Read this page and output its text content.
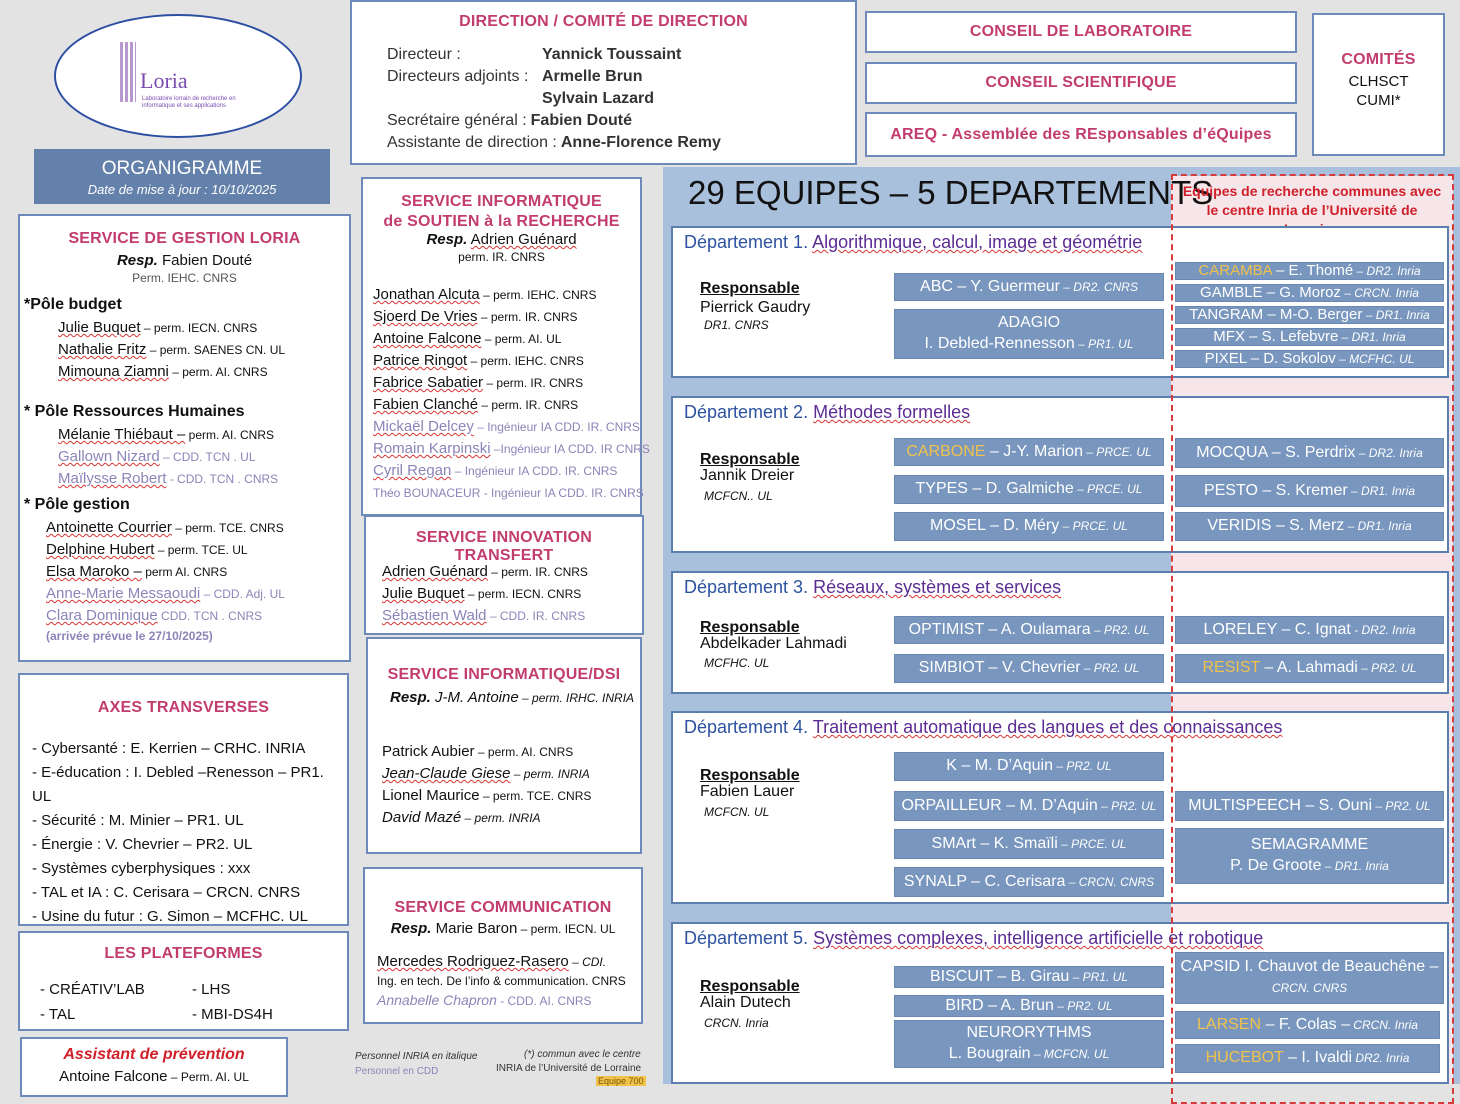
Loria
Laboratoire lorrain de recherche en informatique et ses applications
ORGANIGRAMME
Date de mise à jour : 10/10/2025
DIRECTION / COMITÉ DE DIRECTION
Directeur :	Yannick Toussaint
Directeurs adjoints : Armelle Brun
Sylvain Lazard
Secrétaire général : Fabien Douté
Assistante de direction : Anne-Florence Remy
CONSEIL DE LABORATOIRE
CONSEIL SCIENTIFIQUE
AREQ - Assemblée des REsponsables d’éQuipes
COMITÉS
CLHSCT
CUMI*
SERVICE DE GESTION LORIA
Resp. Fabien Douté
Perm. IEHC. CNRS
*Pôle budget
Julie Buquet – perm. IECN. CNRS
Nathalie Fritz – perm. SAENES CN. UL
Mimouna Ziamni – perm. AI. CNRS
* Pôle Ressources Humaines
Mélanie Thiébaut – perm. AI. CNRS
Gallown Nizard – CDD. TCN . UL
Maïlysse Robert - CDD. TCN . CNRS
* Pôle gestion
Antoinette Courrier – perm. TCE. CNRS
Delphine Hubert – perm. TCE. UL
Elsa Maroko – perm AI. CNRS
Anne-Marie Messaoudi – CDD. Adj. UL
Clara Dominique CDD. TCN . CNRS
(arrivée prévue le 27/10/2025)
AXES TRANSVERSES
- Cybersanté : E. Kerrien – CRHC. INRIA
- E-éducation : I. Debled –Renesson – PR1. UL
- Sécurité : M. Minier – PR1. UL
- Énergie : V. Chevrier – PR2. UL
- Systèmes cyberphysiques : xxx
- TAL et IA : C. Cerisara – CRCN. CNRS
- Usine du futur : G. Simon – MCFHC. UL
LES PLATEFORMES
- CRÉATIV’LAB	- LHS
- TAL	- MBI-DS4H
Assistant de prévention
Antoine Falcone – Perm. AI. UL
SERVICE INFORMATIQUE
de SOUTIEN à la RECHERCHE
Resp. Adrien Guénard
perm. IR. CNRS
Jonathan Alcuta – perm. IEHC. CNRS
Sjoerd De Vries – perm. IR. CNRS
Antoine Falcone – perm. AI. UL
Patrice Ringot – perm. IEHC. CNRS
Fabrice Sabatier – perm. IR. CNRS
Fabien Clanché – perm. IR. CNRS
Mickaël Delcey – Ingénieur IA CDD. IR. CNRS
Romain Karpinski –Ingénieur IA CDD. IR CNRS
Cyril Regan – Ingénieur IA CDD. IR. CNRS
Théo BOUNACEUR - Ingénieur IA CDD. IR. CNRS
SERVICE INNOVATION TRANSFERT
Adrien Guénard – perm. IR. CNRS
Julie Buquet – perm. IECN. CNRS
Sébastien Wald – CDD. IR. CNRS
SERVICE INFORMATIQUE/DSI
Resp. J-M. Antoine – perm. IRHC. INRIA
Patrick Aubier – perm. AI. CNRS
Jean-Claude Giese – perm. INRIA
Lionel Maurice – perm. TCE. CNRS
David Mazé – perm. INRIA
SERVICE COMMUNICATION
Resp. Marie Baron – perm. IECN. UL
Mercedes Rodriguez-Rasero – CDI.
Ing. en tech. De l’info & communication. CNRS
Annabelle Chapron - CDD. AI. CNRS
Personnel INRIA en italique
Personnel en CDD
(*) commun avec le centre
INRIA de l’Université de Lorraine
Equipe 700
29 EQUIPES – 5 DEPARTEMENTS
Equipes de recherche communes avec le centre Inria de l’Université de
Département 1. Algorithmique, calcul, image et géométrie
Responsable
Pierrick Gaudry
DR1. CNRS
ABC – Y. Guermeur – DR2. CNRS
ADAGIO
I. Debled-Rennesson – PR1. UL
CARAMBA – E. Thomé – DR2. Inria
GAMBLE – G. Moroz – CRCN. Inria
TANGRAM – M-O. Berger – DR1. Inria
MFX – S. Lefebvre – DR1. Inria
PIXEL – D. Sokolov – MCFHC. UL
Département 2. Méthodes formelles
Responsable
Jannik Dreier
MCFCN.. UL
CARBONE – J-Y. Marion – PRCE. UL
TYPES – D. Galmiche – PRCE. UL
MOSEL – D. Méry – PRCE. UL
MOCQUA – S. Perdrix – DR2. Inria
PESTO – S. Kremer – DR1. Inria
VERIDIS – S. Merz – DR1. Inria
Département 3. Réseaux, systèmes et services
Responsable
Abdelkader Lahmadi
MCFHC. UL
OPTIMIST – A. Oulamara – PR2. UL
SIMBIOT – V. Chevrier – PR2. UL
LORELEY – C. Ignat - DR2. Inria
RESIST – A. Lahmadi – PR2. UL
Département 4. Traitement automatique des langues et des connaissances
Responsable
Fabien Lauer
MCFCN. UL
K – M. D’Aquin – PR2. UL
ORPAILLEUR – M. D’Aquin – PR2. UL
SMArt – K. Smaïli – PRCE. UL
SYNALP – C. Cerisara – CRCN. CNRS
MULTISPEECH – S. Ouni – PR2. UL
SEMAGRAMME
P. De Groote – DR1. Inria
Département 5. Systèmes complexes, intelligence artificielle et robotique
Responsable
Alain Dutech
CRCN. Inria
BISCUIT – B. Girau – PR1. UL
BIRD – A. Brun – PR2. UL
NEURORYTHMS
L. Bougrain – MCFCN. UL
CAPSID I. Chauvot de Beauchêne –
CRCN. CNRS
LARSEN – F. Colas – CRCN. Inria
HUCEBOT – I. Ivaldi DR2. Inria
